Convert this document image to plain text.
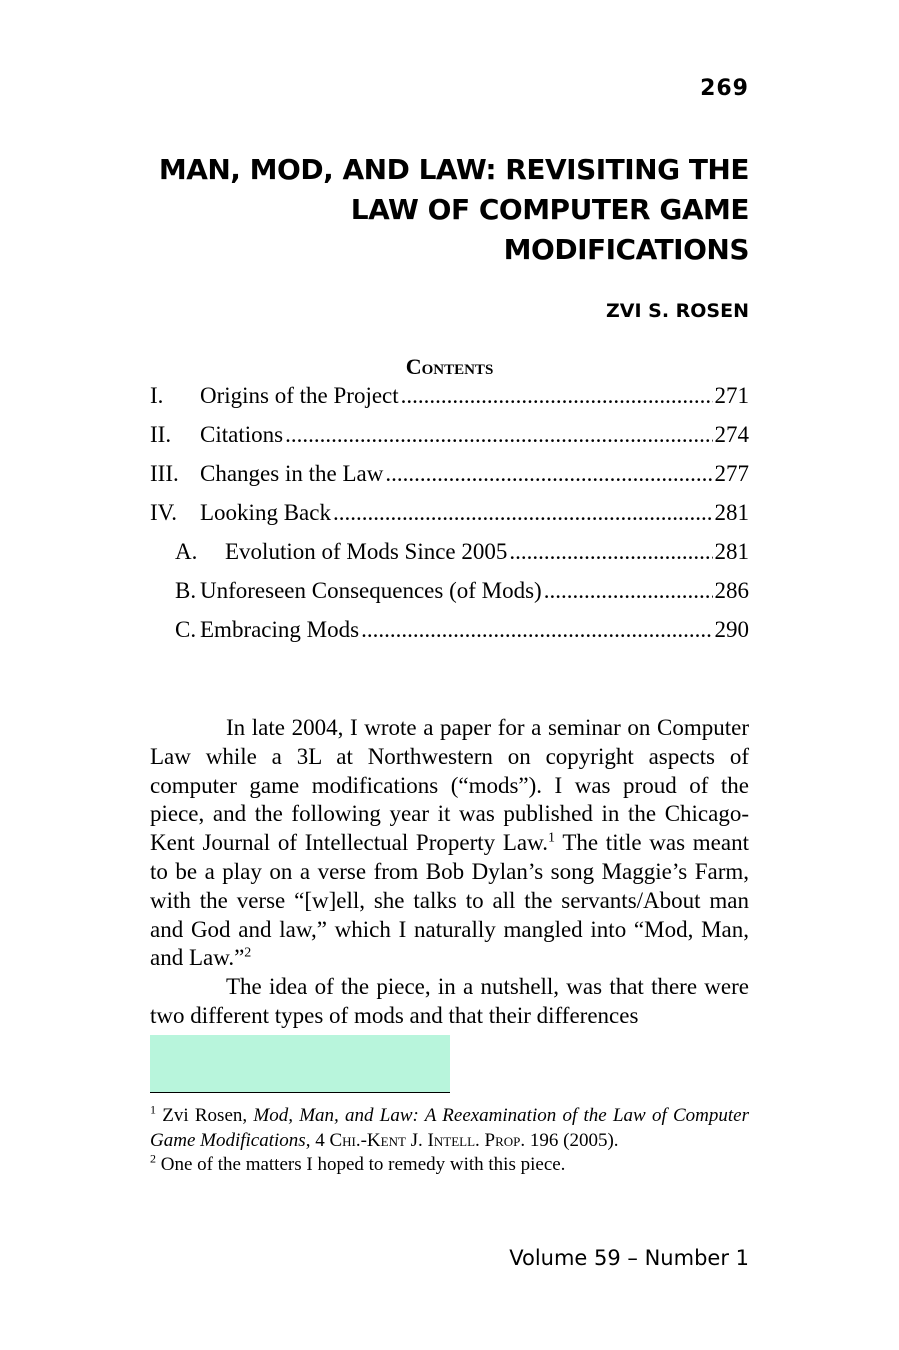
269
MAN, MOD, AND LAW: REVISITING THE
LAW OF COMPUTER GAME
MODIFICATIONS
ZVI S. ROSEN
Contents
I.	Origins of the Project .....	271
II.	Citations .....	274
III. Changes in the Law .....	277
IV. Looking Back .....	281
A.	Evolution of Mods Since 2005 .....	281
B. Unforeseen Consequences (of Mods) .....	286
C. Embracing Mods .....	290

In late 2004, I wrote a paper for a seminar on Computer Law while a 3L at Northwestern on copyright aspects of computer game modifications (“mods”). I was proud of the piece, and the following year it was published in the Chicago-Kent Journal of Intellectual Property Law.$^1$ The title was meant to be a play on a verse from Bob Dylan’s song Maggie’s Farm, with the verse “[w]ell, she talks to all the servants/About man and God and law,” which I naturally mangled into “Mod, Man, and Law.”$^2$

The idea of the piece, in a nutshell, was that there were two different types of mods and that their differences

$^1$ Zvi Rosen, Mod, Man, and Law: A Reexamination of the Law of Computer Game Modifications, 4 Chi.-Kent J. Intell. Prop. 196 (2005).

$^2$ One of the matters I hoped to remedy with this piece.

Volume 59 – Number 1
